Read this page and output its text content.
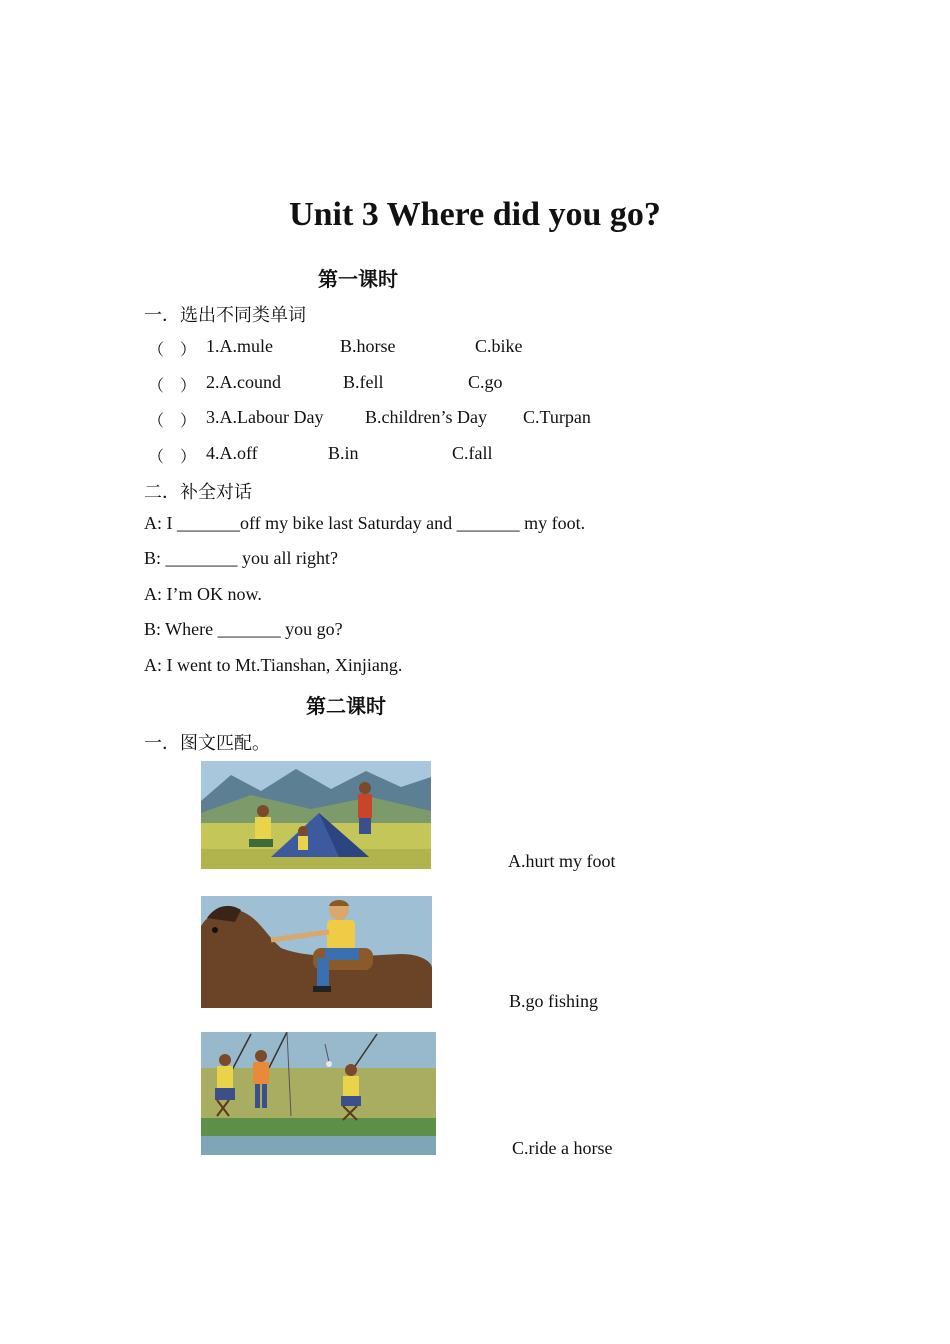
Unit 3 Where did you go?
第一课时
一．选出不同类单词
（　） 1.A.mule	B.horse	C.bike
（　） 2.A.cound	B.fell	C.go
（　） 3.A.Labour Day B.children’s Day C.Turpan
（　） 4.A.off	B.in	C.fall
二．补全对话
A: I _______off my bike last Saturday and _______ my foot.
B: ________ you all right?
A: I’m OK now.
B: Where _______ you go?
A: I went to Mt.Tianshan, Xinjiang.
第二课时
一．图文匹配。
A.hurt my foot
B.go fishing
C.ride a horse
